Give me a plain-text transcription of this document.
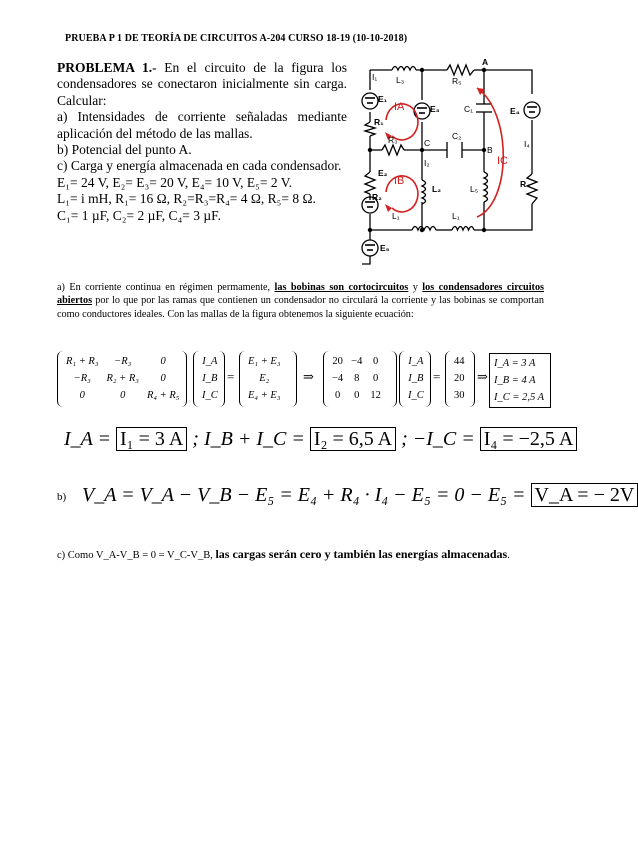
PRUEBA P 1 DE TEORÍA DE CIRCUITOS A-204 CURSO 18-19 (10-10-2018)

PROBLEMA 1.- En el circuito de la figura los condensadores se conectaron inicialmente sin carga. Calcular:

a) Intensidades de corriente señaladas mediante aplicación del método de las mallas.

b) Potencial del punto A.

c) Carga y energía almacenada en cada condensador.

E₁= 24 V, E₂= E₃= 20 V, E₄= 10 V, E₅= 2 V.

L₁= i mH, R₁= 16 Ω, R₂=R₃=R₄= 4 Ω, R₅= 8 Ω.

C₁= 1 µF, C₂= 2 µF, C₄= 3 µF.

I₁ L₃	R₅
A
E₁
E₃	C₁	E₄
R₁
R₃	C₂
C
B
I₄
I₂
E₂
L₂	L₅	R₄
R₂
L₁	L₁
E₅
IA
IB
IC
a) En corriente continua en régimen permamente, las bobinas son cortocircuitos y los condensadores circuitos abiertos por lo que por las ramas que contienen un condensador no circulará la corriente y las bobinas se comportan como conductores ideales. Con las mallas de la figura obtenemos la siguiente ecuación:
R₁ + R₃	−R₃	0
−R₃	R₂ + R₃	0
0	0	R₄ + R₅
I_A
I_B
I_C
=
E₁ + E₃
E₂
E₄ + E₃
⇒
20	−4	0
−4	8	0
0	0	12
I_A
I_B
I_C
=
44
20
30
⇒
I_A = 3 A
I_B = 4 A
I_C = 2,5 A
I_A = I₁ = 3 A ; I_B + I_C = I₂ = 6,5 A ; −I_C = I₄ = −2,5 A
b) V_A = V_A − V_B − E₅ = E₄ + R₄ · I₄ − E₅ = 0 − E₅ = V_A = − 2V
c) Como V_A-V_B = 0 = V_C-V_B, las cargas serán cero y también las energías almacenadas.
